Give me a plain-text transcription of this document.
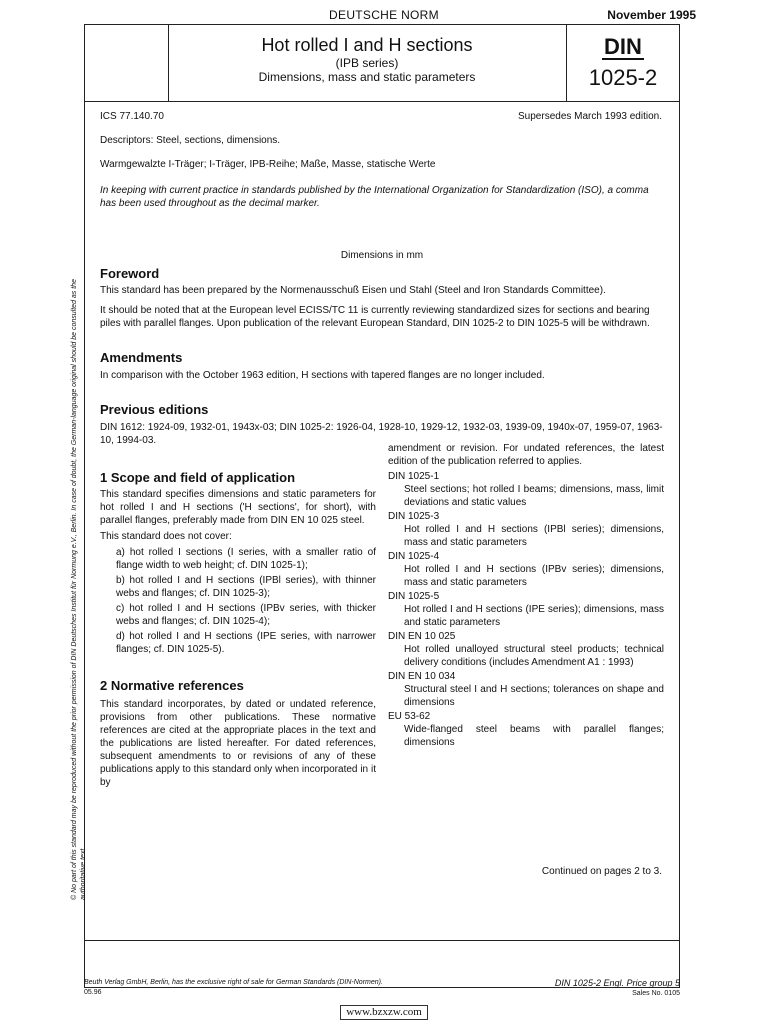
DEUTSCHE NORM	November 1995
Hot rolled I and H sections
(IPB series)
Dimensions, mass and static parameters
DIN
1025-2
ICS 77.140.70	Supersedes March 1993 edition.
Descriptors: Steel, sections, dimensions.
Warmgewalzte I-Träger; I-Träger, IPB-Reihe; Maße, Masse, statische Werte
In keeping with current practice in standards published by the International Organization for Standardization (ISO), a comma has been used throughout as the decimal marker.
Dimensions in mm
Foreword
This standard has been prepared by the Normenausschuß Eisen und Stahl (Steel and Iron Standards Committee).
It should be noted that at the European level ECISS/TC 11 is currently reviewing standardized sizes for sections and bearing piles with parallel flanges. Upon publication of the relevant European Standard, DIN 1025-2 to DIN 1025-5 will be withdrawn.
Amendments
In comparison with the October 1963 edition, H sections with tapered flanges are no longer included.
Previous editions
DIN 1612: 1924-09, 1932-01, 1943x-03; DIN 1025-2: 1926-04, 1928-10, 1929-12, 1932-03, 1939-09, 1940x-07, 1959-07, 1963-10, 1994-03.
1 Scope and field of application
This standard specifies dimensions and static parameters for hot rolled I and H sections ('H sections', for short), with parallel flanges, preferably made from DIN EN 10 025 steel.
This standard does not cover:
a) hot rolled I sections (I series, with a smaller ratio of flange width to web height; cf. DIN 1025-1);
b) hot rolled I and H sections (IPBl series), with thinner webs and flanges; cf. DIN 1025-3);
c) hot rolled I and H sections (IPBv series, with thicker webs and flanges; cf. DIN 1025-4);
d) hot rolled I and H sections (IPE series, with narrower flanges; cf. DIN 1025-5).
2 Normative references
This standard incorporates, by dated or undated reference, provisions from other publications. These normative references are cited at the appropriate places in the text and the publications are listed hereafter. For dated references, subsequent amendments to or revisions of any of these publications apply to this standard only when incorporated in it by
amendment or revision. For undated references, the latest edition of the publication referred to applies.
DIN 1025-1
Steel sections; hot rolled I beams; dimensions, mass, limit deviations and static values
DIN 1025-3
Hot rolled I and H sections (IPBl series); dimensions, mass and static parameters
DIN 1025-4
Hot rolled I and H sections (IPBv series); dimensions, mass and static parameters
DIN 1025-5
Hot rolled I and H sections (IPE series); dimensions, mass and static parameters
DIN EN 10 025
Hot rolled unalloyed structural steel products; technical delivery conditions (includes Amendment A1 : 1993)
DIN EN 10 034
Structural steel I and H sections; tolerances on shape and dimensions
EU 53-62
Wide-flanged steel beams with parallel flanges; dimensions
Continued on pages 2 to 3.
Beuth Verlag GmbH, Berlin, has the exclusive right of sale for German Standards (DIN-Normen).
05.96
DIN 1025-2 Engl. Price group 5
Sales No. 0105
www.bzxzw.com
© No part of this standard may be reproduced without the prior permission of DIN Deutsches Institut für Normung e.V., Berlin. In case of doubt, the German-language original should be consulted as the authoritative text.
